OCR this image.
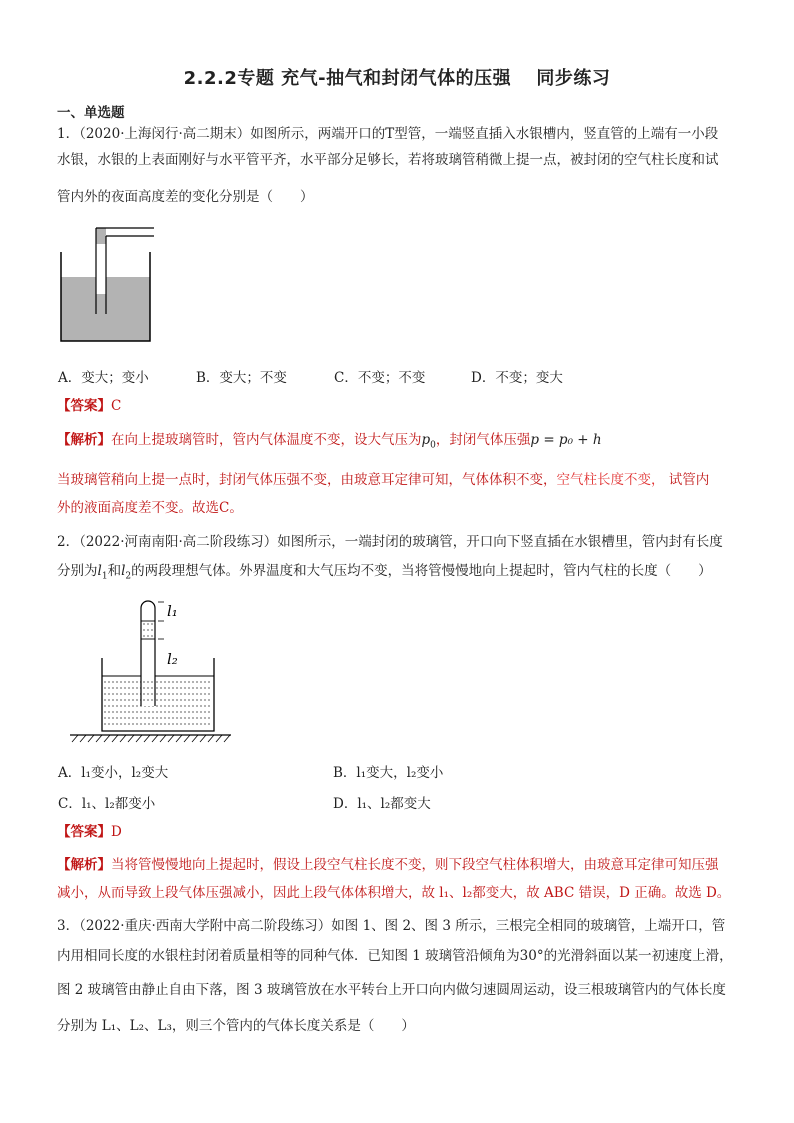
2.2.2专题 充气-抽气和封闭气体的压强　 同步练习
一、单选题
1．（2020·上海闵行·高二期末）如图所示，两端开口的T型管，一端竖直插入水银槽内，竖直管的上端有一小段
水银，水银的上表面刚好与水平管平齐，水平部分足够长，若将玻璃管稍微上提一点，被封闭的空气柱长度和试
管内外的夜面高度差的变化分别是（　　）
A．变大；变小	B．变大；不变	C．不变；不变	D．不变；变大
【答案】C
【解析】在向上提玻璃管时，管内气体温度不变，设大气压为$p_0$，封闭气体压强p = p₀ + h
当玻璃管稍向上提一点时，封闭气体压强不变，由玻意耳定律可知，气体体积不变，空气柱长度不变， 试管内
外的液面高度差不变。故选C。
2．（2022·河南南阳·高二阶段练习）如图所示，一端封闭的玻璃管，开口向下竖直插在水银槽里，管内封有长度
分别为$l_1$和$l_2$的两段理想气体。外界温度和大气压均不变，当将管慢慢地向上提起时，管内气柱的长度（　　）
l₁
l₂
A．l₁变小，l₂变大	B．l₁变大，l₂变小
C．l₁、l₂都变小	D．l₁、l₂都变大
【答案】D
【解析】当将管慢慢地向上提起时，假设上段空气柱长度不变，则下段空气柱体积增大，由玻意耳定律可知压强
减小，从而导致上段气体压强减小，因此上段气体体积增大，故 l₁、l₂都变大，故 ABC 错误，D 正确。故选 D。
3．（2022·重庆·西南大学附中高二阶段练习）如图 1、图 2、图 3 所示，三根完全相同的玻璃管，上端开口，管
内用相同长度的水银柱封闭着质量相等的同种气体．已知图 1 玻璃管沿倾角为30°的光滑斜面以某一初速度上滑，
图 2 玻璃管由静止自由下落，图 3 玻璃管放在水平转台上开口向内做匀速圆周运动，设三根玻璃管内的气体长度
分别为 L₁、L₂、L₃，则三个管内的气体长度关系是（　　）
